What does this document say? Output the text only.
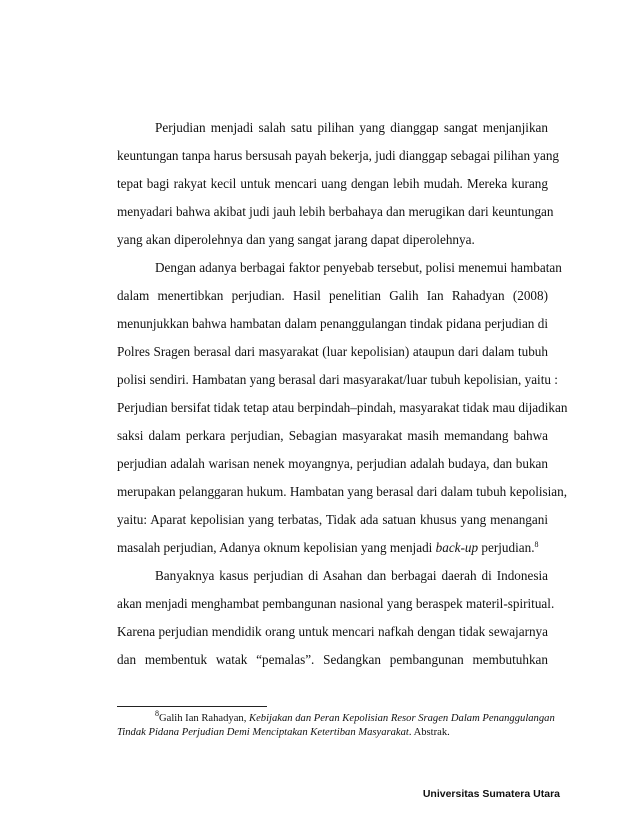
Perjudian menjadi salah satu pilihan yang dianggap sangat menjanjikan
keuntungan tanpa harus bersusah payah bekerja, judi dianggap sebagai pilihan yang
tepat bagi rakyat kecil untuk mencari uang dengan lebih mudah. Mereka kurang
menyadari bahwa akibat judi jauh lebih berbahaya dan merugikan dari keuntungan
yang akan diperolehnya dan yang sangat jarang dapat diperolehnya.
Dengan adanya berbagai faktor penyebab tersebut, polisi menemui hambatan
dalam menertibkan perjudian. Hasil penelitian Galih Ian Rahadyan (2008)
menunjukkan bahwa hambatan dalam penanggulangan tindak pidana perjudian di
Polres Sragen berasal dari masyarakat (luar kepolisian) ataupun dari dalam tubuh
polisi sendiri. Hambatan yang berasal dari masyarakat/luar tubuh kepolisian, yaitu :
Perjudian bersifat tidak tetap atau berpindah–pindah, masyarakat tidak mau dijadikan
saksi dalam perkara perjudian, Sebagian masyarakat masih memandang bahwa
perjudian adalah warisan nenek moyangnya, perjudian adalah budaya, dan bukan
merupakan pelanggaran hukum. Hambatan yang berasal dari dalam tubuh kepolisian,
yaitu: Aparat kepolisian yang terbatas, Tidak ada satuan khusus yang menangani
masalah perjudian, Adanya oknum kepolisian yang menjadi back-up perjudian.$^8$
Banyaknya kasus perjudian di Asahan dan berbagai daerah di Indonesia
akan menjadi menghambat pembangunan nasional yang beraspek materil-spiritual.
Karena perjudian mendidik orang untuk mencari nafkah dengan tidak sewajarnya
dan membentuk watak “pemalas”. Sedangkan pembangunan membutuhkan
$^8$Galih Ian Rahadyan, Kebijakan dan Peran Kepolisian Resor Sragen Dalam Penanggulangan
Tindak Pidana Perjudian Demi Menciptakan Ketertiban Masyarakat. Abstrak.
Universitas Sumatera Utara
